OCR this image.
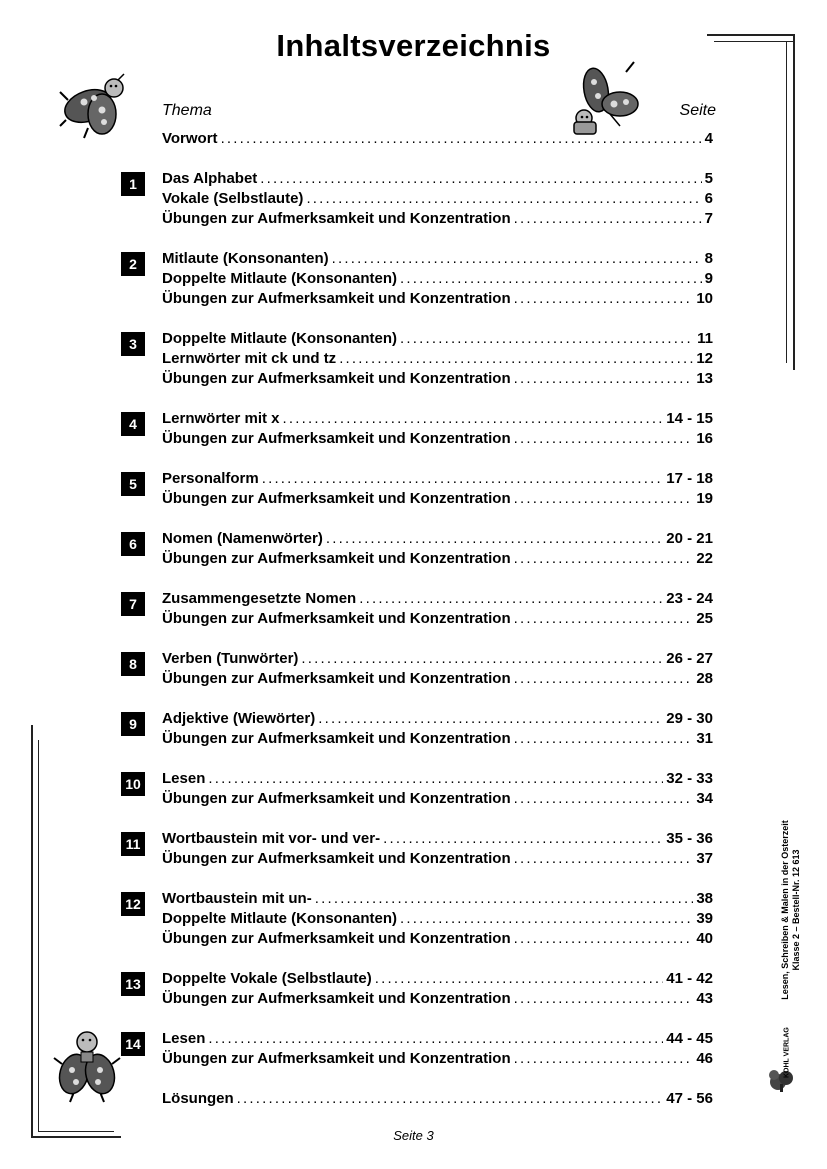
Inhaltsverzeichnis
Thema	Seite
Vorwort .....	4
1	Das Alphabet .....	5
Vokale (Selbstlaute) .....	6
Übungen zur Aufmerksamkeit und Konzentration .....	7
2	Mitlaute (Konsonanten) .....	8
Doppelte Mitlaute (Konsonanten) .....	9
Übungen zur Aufmerksamkeit und Konzentration .....	10
3	Doppelte Mitlaute (Konsonanten) .....	11
Lernwörter mit ck und tz .....	12
Übungen zur Aufmerksamkeit und Konzentration .....	13
4	Lernwörter mit x .....	14 - 15
Übungen zur Aufmerksamkeit und Konzentration .....	16
5	Personalform .....	17 - 18
Übungen zur Aufmerksamkeit und Konzentration .....	19
6	Nomen (Namenwörter) .....	20 - 21
Übungen zur Aufmerksamkeit und Konzentration .....	22
7	Zusammengesetzte Nomen .....	23 - 24
Übungen zur Aufmerksamkeit und Konzentration .....	25
8	Verben (Tunwörter) .....	26 - 27
Übungen zur Aufmerksamkeit und Konzentration .....	28
9	Adjektive (Wiewörter) .....	29 - 30
Übungen zur Aufmerksamkeit und Konzentration .....	31
10 Lesen .....	32 - 33
Übungen zur Aufmerksamkeit und Konzentration .....	34
11	Wortbaustein mit vor- und ver- .....	35 - 36
Übungen zur Aufmerksamkeit und Konzentration .....	37
12 Wortbaustein mit un- .....	38
Doppelte Mitlaute (Konsonanten) .....	39
Übungen zur Aufmerksamkeit und Konzentration .....	40
13 Doppelte Vokale (Selbstlaute) .....	41 - 42
Übungen zur Aufmerksamkeit und Konzentration .....	43
14 Lesen .....	44 - 45
Übungen zur Aufmerksamkeit und Konzentration .....	46
Lösungen .....	47 - 56
Seite 3
Lesen, Schreiben & Malen in der Osterzeit Klasse 2 – Bestell-Nr. 12 613
KOHL VERLAG
